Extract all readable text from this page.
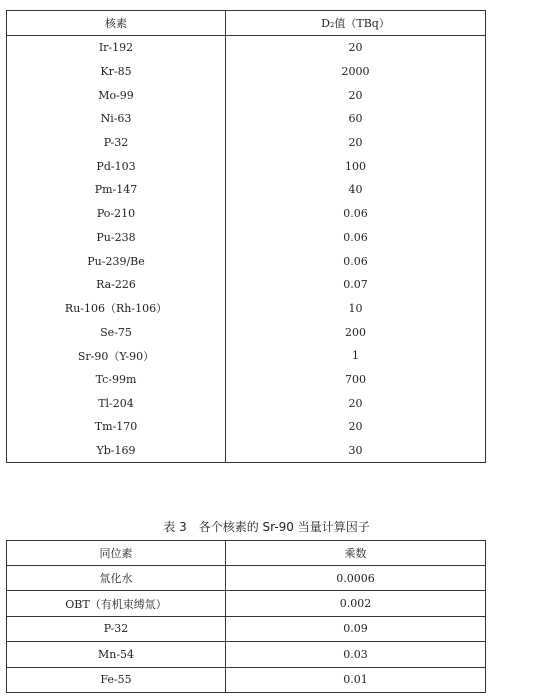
核素	D₂值（TBq）
Ir-192	20
Kr-85	2000
Mo-99	20
Ni-63	60
P-32	20
Pd-103	100
Pm-147	40
Po-210	0.06
Pu-238	0.06
Pu-239/Be	0.06
Ra-226	0.07
Ru-106（Rh-106）	10
Se-75	200
Sr-90（Y-90）	1
Tc-99m	700
Tl-204	20
Tm-170	20
Yb-169	30
表 3　各个核素的 Sr-90 当量计算因子
同位素	乘数
氚化水	0.0006
OBT（有机束缚氚）	0.002
P-32	0.09
Mn-54	0.03
Fe-55	0.01
